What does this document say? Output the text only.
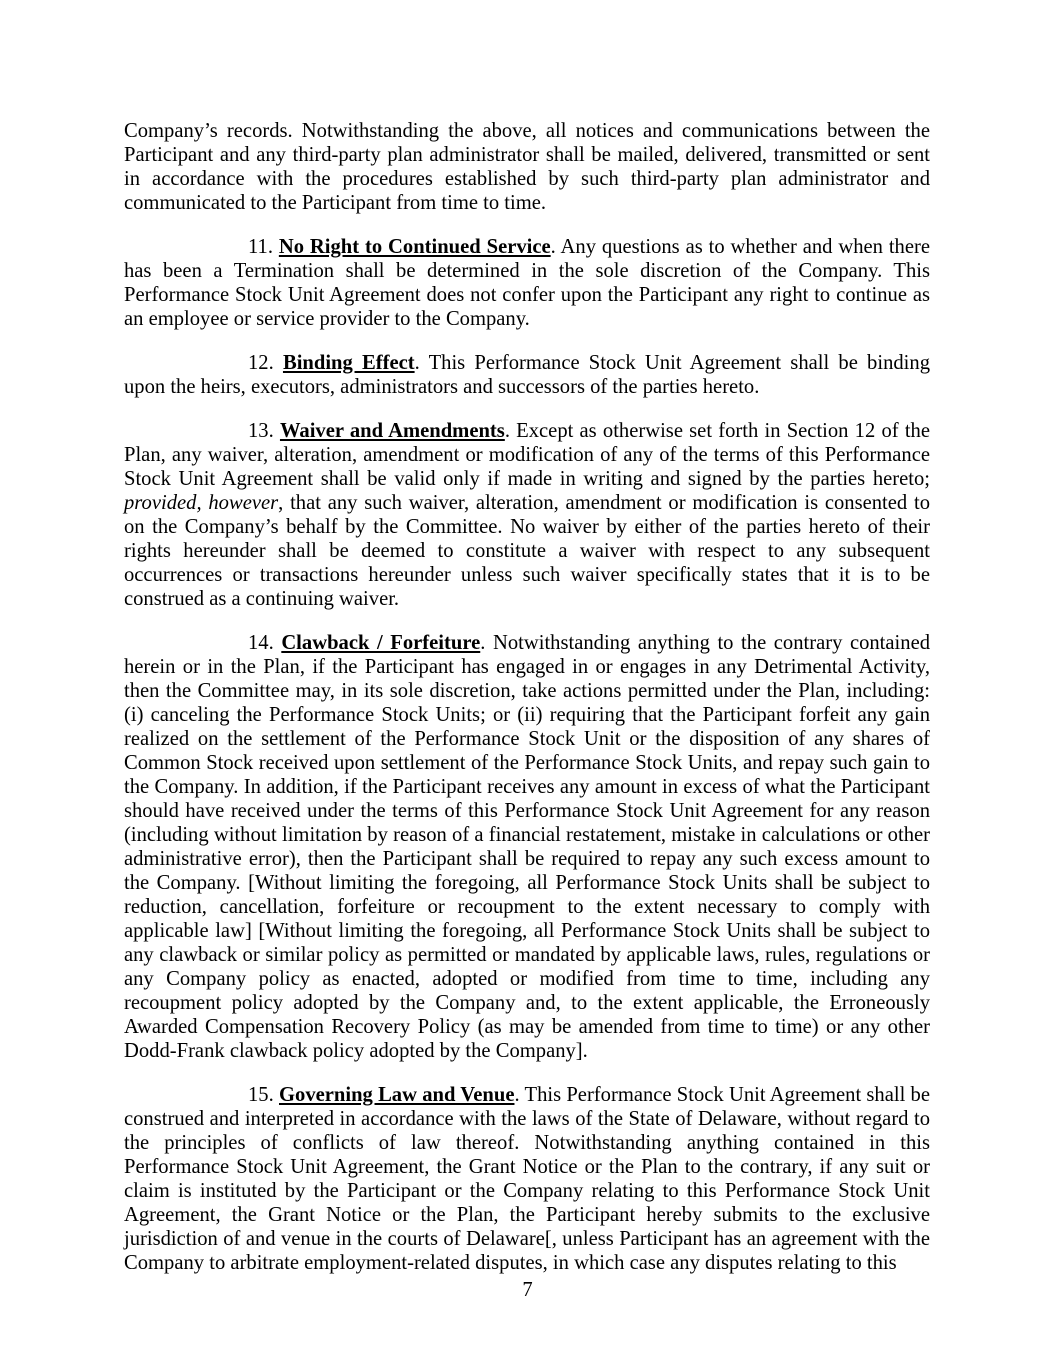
Company’s records. Notwithstanding the above, all notices and communications between the Participant and any third-party plan administrator shall be mailed, delivered, transmitted or sent in accordance with the procedures established by such third-party plan administrator and communicated to the Participant from time to time.

11. No Right to Continued Service. Any questions as to whether and when there has been a Termination shall be determined in the sole discretion of the Company. This Performance Stock Unit Agreement does not confer upon the Participant any right to continue as an employee or service provider to the Company.

12. Binding Effect. This Performance Stock Unit Agreement shall be binding upon the heirs, executors, administrators and successors of the parties hereto.

13. Waiver and Amendments. Except as otherwise set forth in Section 12 of the Plan, any waiver, alteration, amendment or modification of any of the terms of this Performance Stock Unit Agreement shall be valid only if made in writing and signed by the parties hereto; provided, however, that any such waiver, alteration, amendment or modification is consented to on the Company’s behalf by the Committee. No waiver by either of the parties hereto of their rights hereunder shall be deemed to constitute a waiver with respect to any subsequent occurrences or transactions hereunder unless such waiver specifically states that it is to be construed as a continuing waiver.

14. Clawback / Forfeiture. Notwithstanding anything to the contrary contained herein or in the Plan, if the Participant has engaged in or engages in any Detrimental Activity, then the Committee may, in its sole discretion, take actions permitted under the Plan, including: (i) canceling the Performance Stock Units; or (ii) requiring that the Participant forfeit any gain realized on the settlement of the Performance Stock Unit or the disposition of any shares of Common Stock received upon settlement of the Performance Stock Units, and repay such gain to the Company. In addition, if the Participant receives any amount in excess of what the Participant should have received under the terms of this Performance Stock Unit Agreement for any reason (including without limitation by reason of a financial restatement, mistake in calculations or other administrative error), then the Participant shall be required to repay any such excess amount to the Company. [Without limiting the foregoing, all Performance Stock Units shall be subject to reduction, cancellation, forfeiture or recoupment to the extent necessary to comply with applicable law] [Without limiting the foregoing, all Performance Stock Units shall be subject to any clawback or similar policy as permitted or mandated by applicable laws, rules, regulations or any Company policy as enacted, adopted or modified from time to time, including any recoupment policy adopted by the Company and, to the extent applicable, the Erroneously Awarded Compensation Recovery Policy (as may be amended from time to time) or any other Dodd-Frank clawback policy adopted by the Company].

15. Governing Law and Venue. This Performance Stock Unit Agreement shall be construed and interpreted in accordance with the laws of the State of Delaware, without regard to the principles of conflicts of law thereof. Notwithstanding anything contained in this Performance Stock Unit Agreement, the Grant Notice or the Plan to the contrary, if any suit or claim is instituted by the Participant or the Company relating to this Performance Stock Unit Agreement, the Grant Notice or the Plan, the Participant hereby submits to the exclusive jurisdiction of and venue in the courts of Delaware[, unless Participant has an agreement with the Company to arbitrate employment-related disputes, in which case any disputes relating to this

7
